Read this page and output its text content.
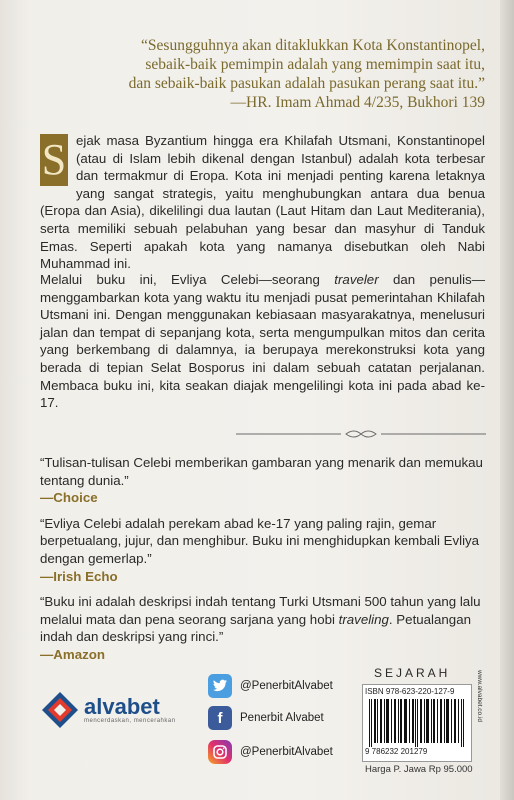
“Sesungguhnya akan ditaklukkan Kota Konstantinopel,
sebaik-baik pemimpin adalah yang memimpin saat itu,
dan sebaik-baik pasukan adalah pasukan perang saat itu.”
—HR. Imam Ahmad 4/235, Bukhori 139
S ejak masa Byzantium hingga era Khilafah Utsmani, Konstantinopel (atau di Islam lebih dikenal dengan Istanbul) adalah kota terbesar dan termakmur di Eropa. Kota ini menjadi penting karena letaknya yang sangat strategis, yaitu menghubungkan antara dua benua (Eropa dan Asia), dikelilingi dua lautan (Laut Hitam dan Laut Mediterania), serta memiliki sebuah pelabuhan yang besar dan masyhur di Tanduk Emas. Seperti apakah kota yang namanya disebutkan oleh Nabi Muhammad ini.
Melalui buku ini, Evliya Celebi—seorang traveler dan penulis—menggambarkan kota yang waktu itu menjadi pusat pemerintahan Khilafah Utsmani ini. Dengan menggunakan kebiasaan masyarakatnya, menelusuri jalan dan tempat di sepanjang kota, serta mengumpulkan mitos dan cerita yang berkembang di dalamnya, ia berupaya merekonstruksi kota yang berada di tepian Selat Bosporus ini dalam sebuah catatan perjalanan. Membaca buku ini, kita seakan diajak mengelilingi kota ini pada abad ke-17.
“Tulisan-tulisan Celebi memberikan gambaran yang menarik dan memukau tentang dunia.”
—Choice
“Evliya Celebi adalah perekam abad ke-17 yang paling rajin, gemar berpetualang, jujur, dan menghibur. Buku ini menghidupkan kembali Evliya dengan gemerlap.”
—Irish Echo
“Buku ini adalah deskripsi indah tentang Turki Utsmani 500 tahun yang lalu melalui mata dan pena seorang sarjana yang hobi traveling. Petualangan indah dan deskripsi yang rinci.”
—Amazon
alvabet
mencerdaskan, mencerahkan
@PenerbitAlvabet
f	Penerbit Alvabet
@PenerbitAlvabet
SEJARAH
ISBN 978-623-220-127-9
9 786232 201279
www.alvabet.co.id
Harga P. Jawa Rp 95.000
